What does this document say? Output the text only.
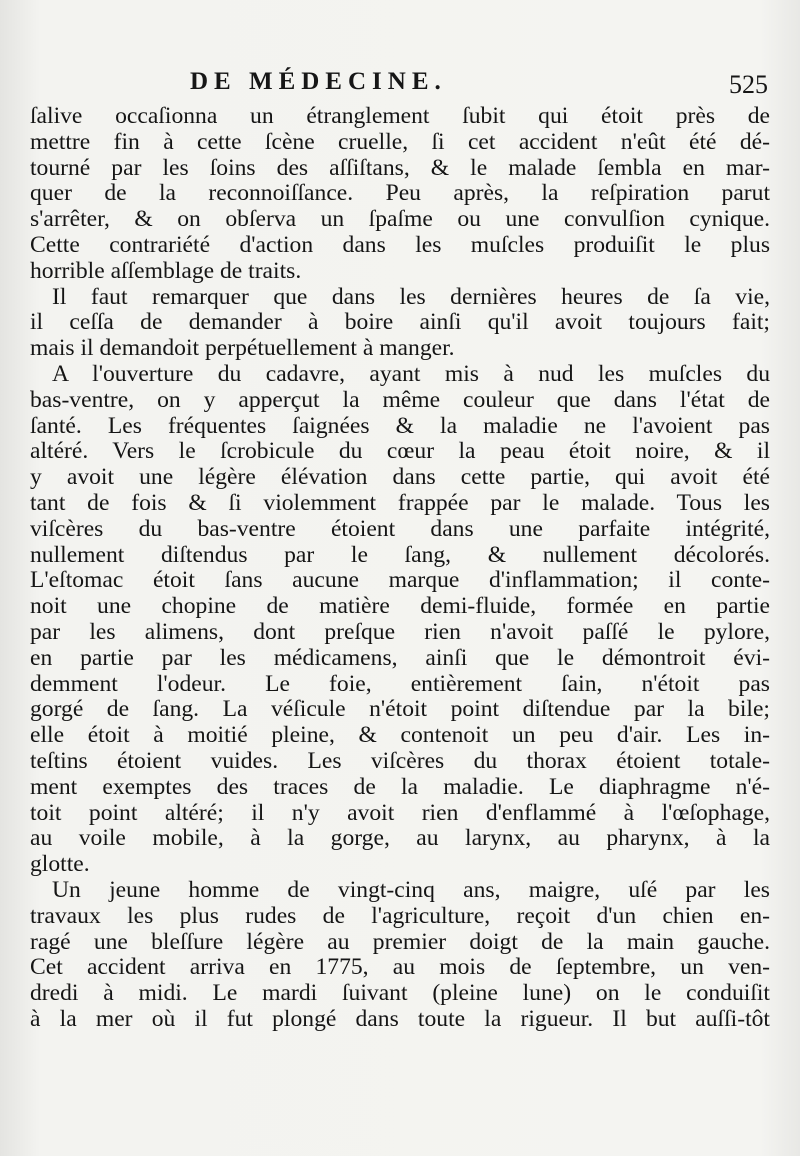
DE MÉDECINE.	525
ſalive occaſionna un étranglement ſubit qui étoit près de
mettre fin à cette ſcène cruelle, ſi cet accident n'eût été dé-
tourné par les ſoins des aſſiſtans, & le malade ſembla en mar-
quer de la reconnoiſſance. Peu après, la reſpiration parut
s'arrêter, & on obſerva un ſpaſme ou une convulſion cynique.
Cette contrariété d'action dans les muſcles produiſit le plus
horrible aſſemblage de traits.
Il faut remarquer que dans les dernières heures de ſa vie,
il ceſſa de demander à boire ainſi qu'il avoit toujours fait;
mais il demandoit perpétuellement à manger.
A l'ouverture du cadavre, ayant mis à nud les muſcles du
bas-ventre, on y apperçut la même couleur que dans l'état de
ſanté. Les fréquentes ſaignées & la maladie ne l'avoient pas
altéré. Vers le ſcrobicule du cœur la peau étoit noire, & il
y avoit une légère élévation dans cette partie, qui avoit été
tant de fois & ſi violemment frappée par le malade. Tous les
viſcères du bas-ventre étoient dans une parfaite intégrité,
nullement diſtendus par le ſang, & nullement décolorés.
L'eſtomac étoit ſans aucune marque d'inflammation; il conte-
noit une chopine de matière demi-fluide, formée en partie
par les alimens, dont preſque rien n'avoit paſſé le pylore,
en partie par les médicamens, ainſi que le démontroit évi-
demment l'odeur. Le foie, entièrement ſain, n'étoit pas
gorgé de ſang. La véſicule n'étoit point diſtendue par la bile;
elle étoit à moitié pleine, & contenoit un peu d'air. Les in-
teſtins étoient vuides. Les viſcères du thorax étoient totale-
ment exemptes des traces de la maladie. Le diaphragme n'é-
toit point altéré; il n'y avoit rien d'enflammé à l'œſophage,
au voile mobile, à la gorge, au larynx, au pharynx, à la
glotte.
Un jeune homme de vingt-cinq ans, maigre, uſé par les
travaux les plus rudes de l'agriculture, reçoit d'un chien en-
ragé une bleſſure légère au premier doigt de la main gauche.
Cet accident arriva en 1775, au mois de ſeptembre, un ven-
dredi à midi. Le mardi ſuivant (pleine lune) on le conduiſit
à la mer où il fut plongé dans toute la rigueur. Il but auſſi-tôt
